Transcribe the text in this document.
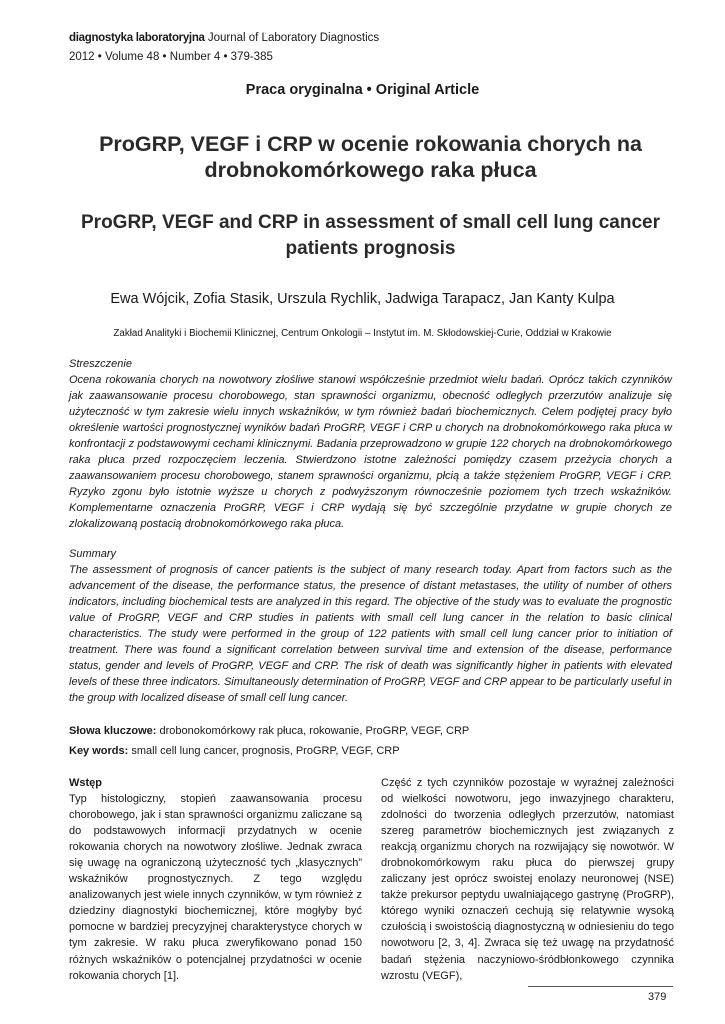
diagnostyka laboratoryjna Journal of Laboratory Diagnostics
2012 • Volume 48 • Number 4 • 379-385
Praca oryginalna • Original Article
ProGRP, VEGF i CRP w ocenie rokowania chorych na drobnokomórkowego raka płuca
ProGRP, VEGF and CRP in assessment of small cell lung cancer patients prognosis
Ewa Wójcik, Zofia Stasik, Urszula Rychlik, Jadwiga Tarapacz, Jan Kanty Kulpa
Zakład Analityki i Biochemii Klinicznej, Centrum Onkologii – Instytut im. M. Skłodowskiej-Curie, Oddział w Krakowie
Streszczenie
Ocena rokowania chorych na nowotwory złośliwe stanowi współcześnie przedmiot wielu badań. Oprócz takich czynników jak zaawansowanie procesu chorobowego, stan sprawności organizmu, obecność odległych przerzutów analizuje się użyteczność w tym zakresie wielu innych wskaźników, w tym również badań biochemicznych. Celem podjętej pracy było określenie wartości prognostycznej wyników badań ProGRP, VEGF i CRP u chorych na drobnokomórkowego raka płuca w konfrontacji z podstawowymi cechami klinicznymi. Badania przeprowadzono w grupie 122 chorych na drobnokomórkowego raka płuca przed rozpoczęciem leczenia. Stwierdzono istotne zależności pomiędzy czasem przeżycia chorych a zaawansowaniem procesu chorobowego, stanem sprawności organizmu, płcią a także stężeniem ProGRP, VEGF i CRP. Ryzyko zgonu było istotnie wyższe u chorych z podwyższonym równocześnie poziomem tych trzech wskaźników. Komplementarne oznaczenia ProGRP, VEGF i CRP wydają się być szczególnie przydatne w grupie chorych ze zlokalizowaną postacią drobnokomórkowego raka płuca.
Summary
The assessment of prognosis of cancer patients is the subject of many research today. Apart from factors such as the advancement of the disease, the performance status, the presence of distant metastases, the utility of number of others indicators, including biochemical tests are analyzed in this regard. The objective of the study was to evaluate the prognostic value of ProGRP, VEGF and CRP studies in patients with small cell lung cancer in the relation to basic clinical characteristics. The study were performed in the group of 122 patients with small cell lung cancer prior to initiation of treatment. There was found a significant correlation between survival time and extension of the disease, performance status, gender and levels of ProGRP, VEGF and CRP. The risk of death was significantly higher in patients with elevated levels of these three indicators. Simultaneously determination of ProGRP, VEGF and CRP appear to be particularly useful in the group with localized disease of small cell lung cancer.
Słowa kluczowe: drobonokomórkowy rak płuca, rokowanie, ProGRP, VEGF, CRP
Key words: small cell lung cancer, prognosis, ProGRP, VEGF, CRP
Wstęp
Typ histologiczny, stopień zaawansowania procesu chorobowego, jak i stan sprawności organizmu zaliczane są do podstawowych informacji przydatnych w ocenie rokowania chorych na nowotwory złośliwe. Jednak zwraca się uwagę na ograniczoną użyteczność tych „klasycznych” wskaźników prognostycznych. Z tego względu analizowanych jest wiele innych czynników, w tym również z dziedziny diagnostyki biochemicznej, które mogłyby być pomocne w bardziej precyzyjnej charakterystyce chorych w tym zakresie. W raku płuca zweryfikowano ponad 150 różnych wskaźników o potencjalnej przydatności w ocenie rokowania chorych [1].
Część z tych czynników pozostaje w wyraźnej zależności od wielkości nowotworu, jego inwazyjnego charakteru, zdolności do tworzenia odległych przerzutów, natomiast szereg parametrów biochemicznych jest związanych z reakcją organizmu chorych na rozwijający się nowotwór. W drobnokomórkowym raku płuca do pierwszej grupy zaliczany jest oprócz swoistej enolazy neuronowej (NSE) także prekursor peptydu uwalniającego gastrynę (ProGRP), którego wyniki oznaczeń cechują się relatywnie wysoką czułością i swoistością diagnostyczną w odniesieniu do tego nowotworu [2, 3, 4]. Zwraca się też uwagę na przydatność badań stężenia naczyniowo-śródbłonkowego czynnika wzrostu (VEGF),
379
